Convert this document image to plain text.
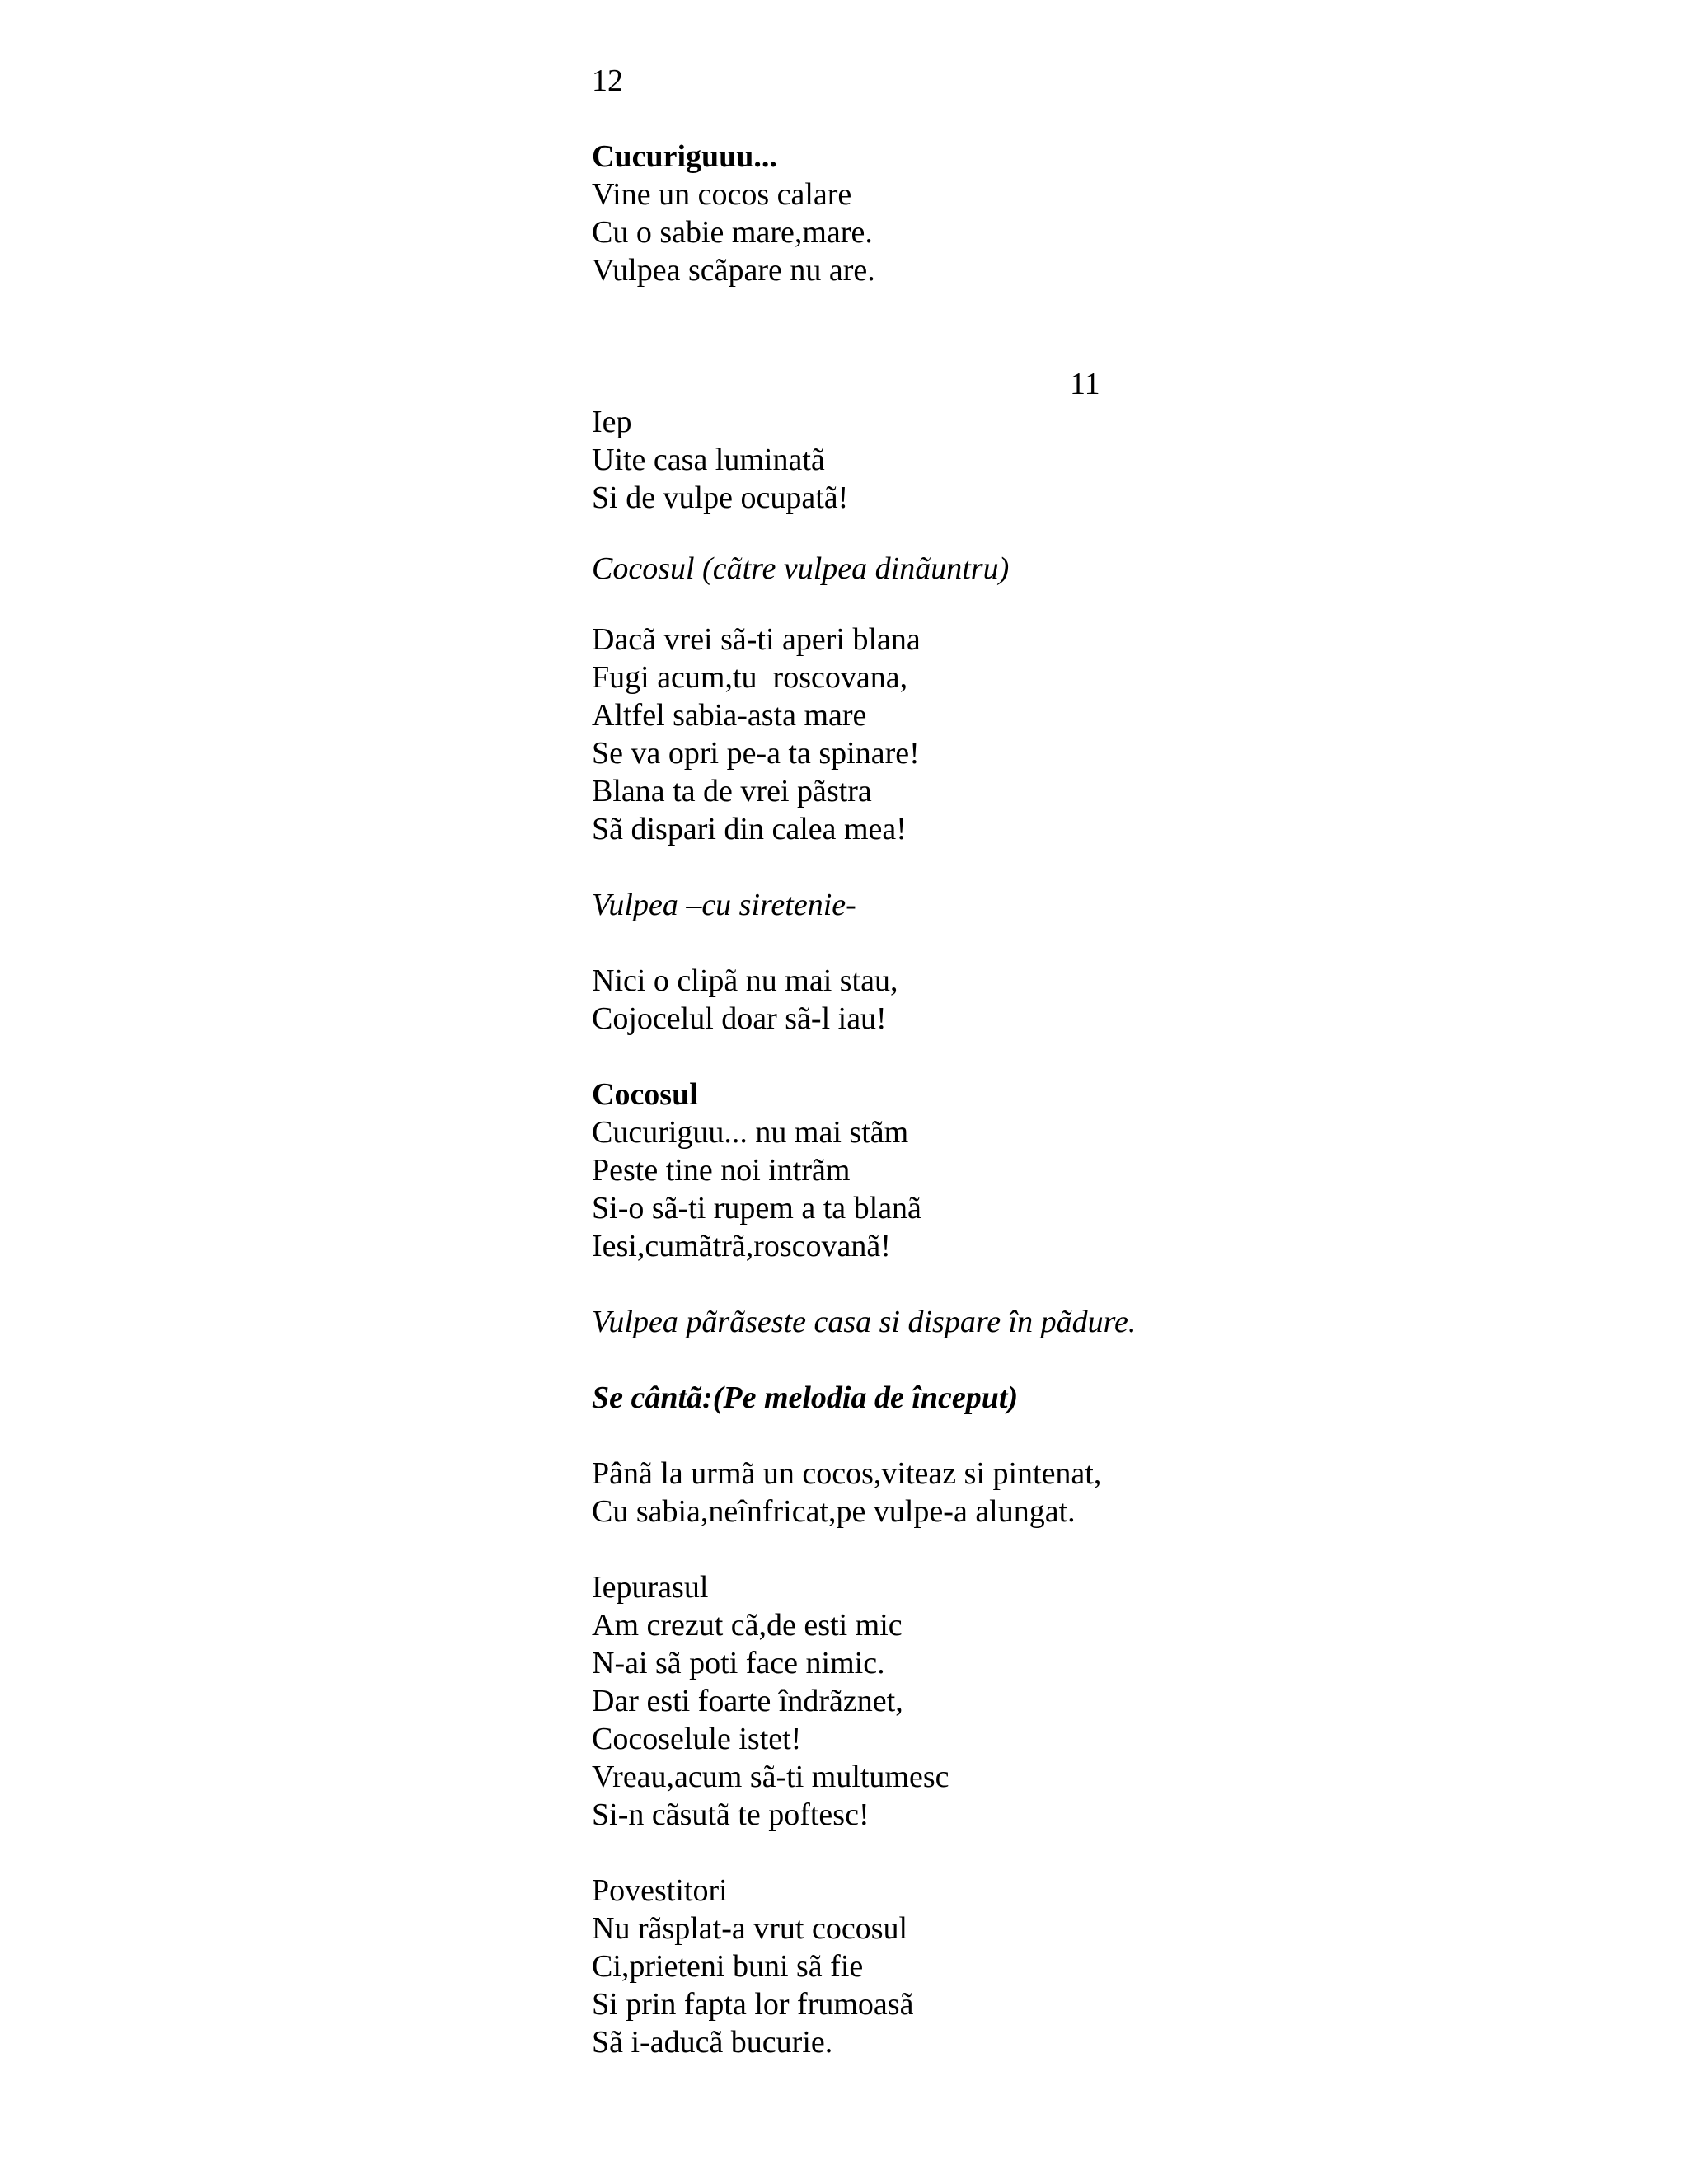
12
11
Cucuriguuu...
Vine un cocos calare
Cu o sabie mare,mare.
Vulpea scãpare nu are.
Iep
Uite casa luminatã
Si de vulpe ocupatã!
Cocosul (cãtre vulpea dinãuntru)
Dacã vrei sã-ti aperi blana
Fugi acum,tu  roscovana,
Altfel sabia-asta mare
Se va opri pe-a ta spinare!
Blana ta de vrei pãstra
Sã dispari din calea mea!
Vulpea –cu siretenie-
Nici o clipã nu mai stau,
Cojocelul doar sã-l iau!
Cocosul
Cucuriguu... nu mai stãm
Peste tine noi intrãm
Si-o sã-ti rupem a ta blanã
Iesi,cumãtrã,roscovanã!
Vulpea pãrãseste casa si dispare în pãdure.
Se cântã:(Pe melodia de început)
Pânã la urmã un cocos,viteaz si pintenat,
Cu sabia,neînfricat,pe vulpe-a alungat.
Iepurasul
Am crezut cã,de esti mic
N-ai sã poti face nimic.
Dar esti foarte îndrãznet,
Cocoselule istet!
Vreau,acum sã-ti multumesc
Si-n cãsutã te poftesc!
Povestitori
Nu rãsplat-a vrut cocosul
Ci,prieteni buni sã fie
Si prin fapta lor frumoasã
Sã i-aducã bucurie.
